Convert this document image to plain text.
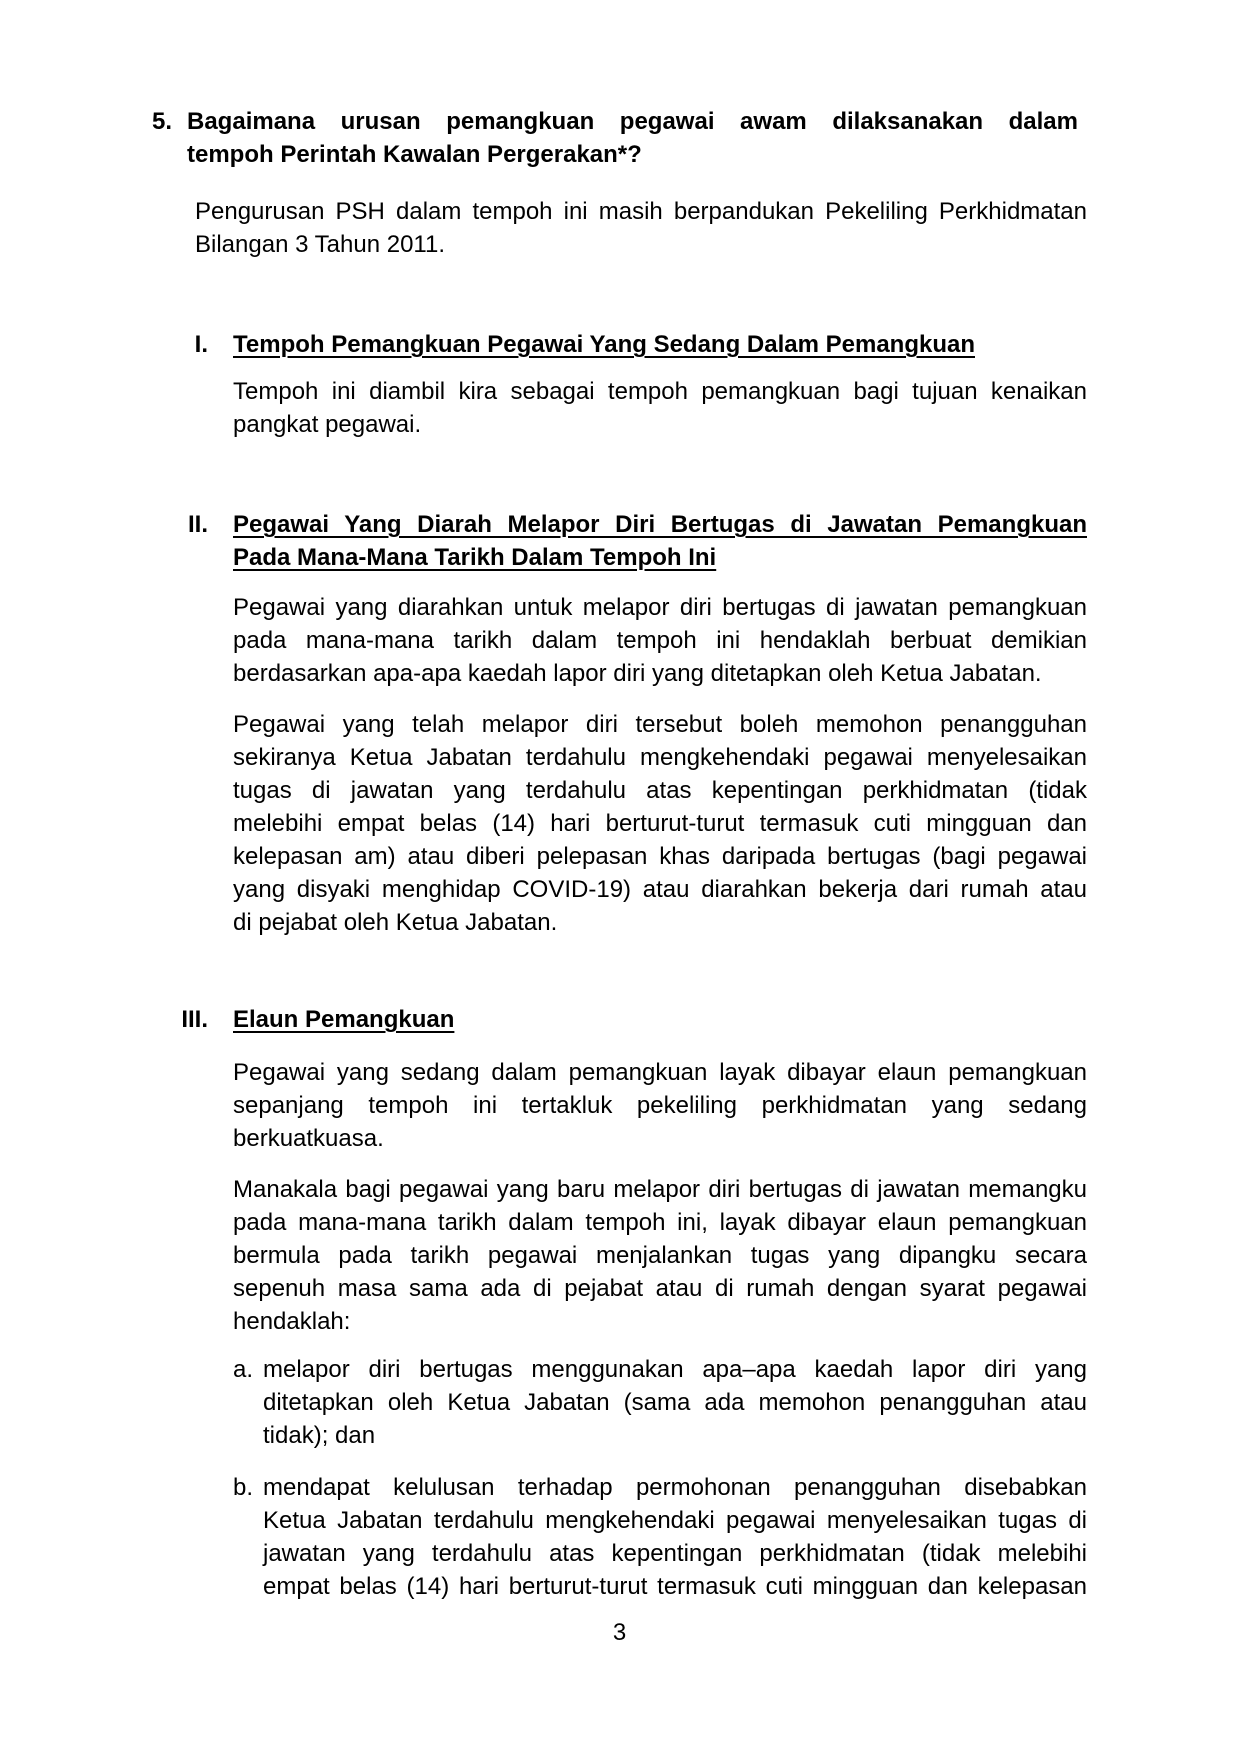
5. Bagaimana urusan pemangkuan pegawai awam dilaksanakan dalam
tempoh Perintah Kawalan Pergerakan*?
Pengurusan PSH dalam tempoh ini masih berpandukan Pekeliling Perkhidmatan
Bilangan 3 Tahun 2011.
I. Tempoh Pemangkuan Pegawai Yang Sedang Dalam Pemangkuan
Tempoh ini diambil kira sebagai tempoh pemangkuan bagi tujuan kenaikan
pangkat pegawai.
II. Pegawai Yang Diarah Melapor Diri Bertugas di Jawatan Pemangkuan
Pada Mana-Mana Tarikh Dalam Tempoh Ini
Pegawai yang diarahkan untuk melapor diri bertugas di jawatan pemangkuan
pada mana-mana tarikh dalam tempoh ini hendaklah berbuat demikian
berdasarkan apa-apa kaedah lapor diri yang ditetapkan oleh Ketua Jabatan.
Pegawai yang telah melapor diri tersebut boleh memohon penangguhan
sekiranya Ketua Jabatan terdahulu mengkehendaki pegawai menyelesaikan
tugas di jawatan yang terdahulu atas kepentingan perkhidmatan (tidak
melebihi empat belas (14) hari berturut-turut termasuk cuti mingguan dan
kelepasan am) atau diberi pelepasan khas daripada bertugas (bagi pegawai
yang disyaki menghidap COVID-19) atau diarahkan bekerja dari rumah atau
di pejabat oleh Ketua Jabatan.
III. Elaun Pemangkuan
Pegawai yang sedang dalam pemangkuan layak dibayar elaun pemangkuan
sepanjang tempoh ini tertakluk pekeliling perkhidmatan yang sedang
berkuatkuasa.
Manakala bagi pegawai yang baru melapor diri bertugas di jawatan memangku
pada mana-mana tarikh dalam tempoh ini, layak dibayar elaun pemangkuan
bermula pada tarikh pegawai menjalankan tugas yang dipangku secara
sepenuh masa sama ada di pejabat atau di rumah dengan syarat pegawai
hendaklah:
a. melapor diri bertugas menggunakan apa–apa kaedah lapor diri yang
ditetapkan oleh Ketua Jabatan (sama ada memohon penangguhan atau
tidak); dan
b. mendapat kelulusan terhadap permohonan penangguhan disebabkan
Ketua Jabatan terdahulu mengkehendaki pegawai menyelesaikan tugas di
jawatan yang terdahulu atas kepentingan perkhidmatan (tidak melebihi
empat belas (14) hari berturut-turut termasuk cuti mingguan dan kelepasan
3
